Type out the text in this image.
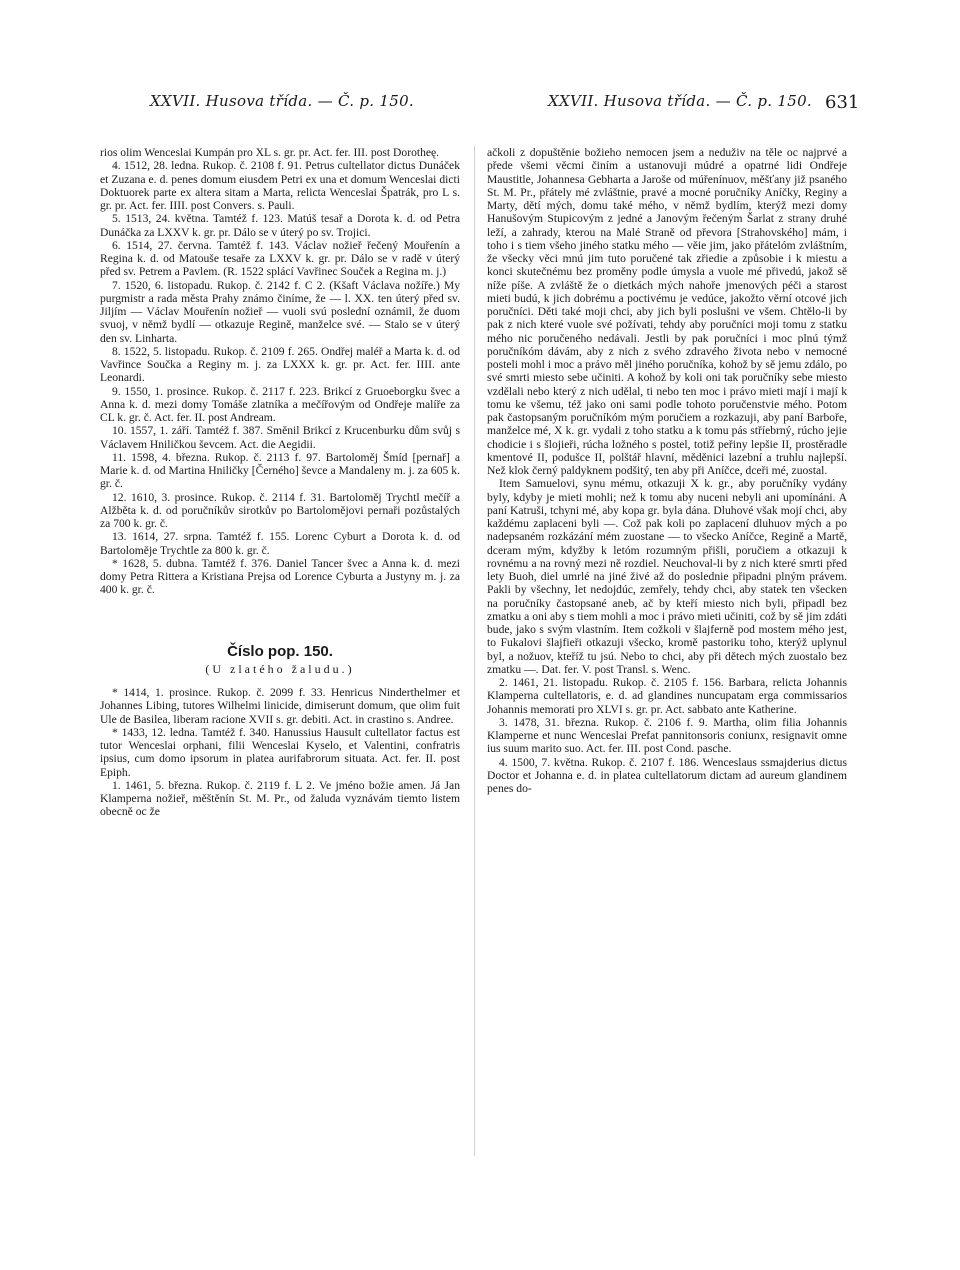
XXVII. Husova třída. — Č. p. 150.	XXVII. Husova třída. — Č. p. 150. 631

rios olim Wenceslai Kumpán pro XL s. gr. pr. Act. fer. III. post Dorotheę.

4. 1512, 28. ledna. Rukop. č. 2108 f. 91. Petrus cultellator dictus Dunáček et Zuzana e. d. penes domum eiusdem Petri ex una et domum Wenceslai dicti Doktuorek parte ex altera sitam a Marta, relicta Wenceslai Špatrák, pro L s. gr. pr. Act. fer. IIII. post Convers. s. Pauli.

5. 1513, 24. května. Tamtéž f. 123. Matúš tesař a Dorota k. d. od Petra Dunáčka za LXXV k. gr. pr. Dálo se v úterý po sv. Trojici.

6. 1514, 27. června. Tamtéž f. 143. Václav nožieř řečený Mouřenín a Regina k. d. od Matouše tesaře za LXXV k. gr. pr. Dálo se v radě v úterý před sv. Petrem a Pavlem. (R. 1522 splácí Vavřinec Souček a Regina m. j.)

7. 1520, 6. listopadu. Rukop. č. 2142 f. C 2. (Kšaft Václava nožíře.) My purgmistr a rada města Prahy známo činíme, že — l. XX. ten úterý před sv. Jiljím — Václav Mouřenín nožieř — vuoli svú poslední oznámil, že duom svuoj, v němž bydlí — otkazuje Regině, manželce své. — Stalo se v úterý den sv. Linharta.

8. 1522, 5. listopadu. Rukop. č. 2109 f. 265. Ondřej maléř a Marta k. d. od Vavřince Součka a Reginy m. j. za LXXX k. gr. pr. Act. fer. IIII. ante Leonardi.

9. 1550, 1. prosince. Rukop. č. 2117 f. 223. Brikcí z Gruoeborgku švec a Anna k. d. mezi domy Tomáše zlatníka a mečířovým od Ondřeje malíře za CL k. gr. č. Act. fer. II. post Andream.

10. 1557, 1. září. Tamtéž f. 387. Směnil Brikcí z Krucenburku dům svůj s Václavem Hniličkou ševcem. Act. die Aegidii.

11. 1598, 4. března. Rukop. č. 2113 f. 97. Bartoloměj Šmíd [pernař] a Marie k. d. od Martina Hniličky [Černého] ševce a Mandaleny m. j. za 605 k. gr. č.

12. 1610, 3. prosince. Rukop. č. 2114 f. 31. Bartoloměj Trychtl mečíř a Alžběta k. d. od poručníkův sirotkův po Bartolomějovi pernaři pozůstalých za 700 k. gr. č.

13. 1614, 27. srpna. Tamtéž f. 155. Lorenc Cyburt a Dorota k. d. od Bartoloměje Trychtle za 800 k. gr. č.

* 1628, 5. dubna. Tamtéž f. 376. Daniel Tancer švec a Anna k. d. mezi domy Petra Rittera a Kristiana Prejsa od Lorence Cyburta a Justyny m. j. za 400 k. gr. č.

Číslo pop. 150.
(U zlatého žaludu.)

* 1414, 1. prosince. Rukop. č. 2099 f. 33. Henricus Ninderthelmer et Johannes Libing, tutores Wilhelmi linicide, dimiserunt domum, que olim fuit Ule de Basilea, liberam racione XVII s. gr. debiti. Act. in crastino s. Andree.

* 1433, 12. ledna. Tamtéž f. 340. Hanussius Hausult cultellator factus est tutor Wenceslai orphani, filii Wenceslai Kyselo, et Valentini, confratris ipsius, cum domo ipsorum in platea aurifabrorum situata. Act. fer. II. post Epiph.

1. 1461, 5. března. Rukop. č. 2119 f. L 2. Ve jméno božie amen. Já Jan Klamperna nožieř, měštěnín St. M. Pr., od žaluda vyznávám tiemto listem obecně oc že

ačkoli z dopuštěnie božieho nemocen jsem a neduživ na těle oc najprvé a přede všemi věcmi činím a ustanovuji múdré a opatrné lidi Ondřeje Maustitle, Johannesa Gebharta a Jaroše od múřenínuov, měšťany již psaného St. M. Pr., přátely mé zvláštnie, pravé a mocné poručníky Aníčky, Reginy a Marty, dětí mých, domu také mého, v němž bydlím, kterýž mezi domy Hanušovým Stupicovým z jedné a Janovým řečeným Šarlat z strany druhé leží, a zahrady, kterou na Malé Straně od převora [Strahovského] mám, i toho i s tiem všeho jiného statku mého — věie jim, jako přátelóm zvláštním, že všecky věci mnú jim tuto poručené tak zřiedie a způsobie i k miestu a konci skutečnému bez proměny podle úmysla a vuole mé přivedú, jakož sě níže píše. A zvláště že o dietkách mých nahoře jmenových péči a starost mieti budú, k jich dobrému a poctivému je vedúce, jakožto věrní otcové jich poručníci. Děti také moji chci, aby jich byli poslušni ve všem. Chtělo-li by pak z nich které vuole své požívati, tehdy aby poručníci moji tomu z statku mého nic poručeného nedávali. Jestli by pak poručníci i moc plnú týmž poručníkóm dávám, aby z nich z svého zdravého života nebo v nemocné posteli mohl i moc a právo měl jiného poručníka, kohož by sě jemu zdálo, po své smrti miesto sebe učiniti. A kohož by koli oni tak poručníky sebe miesto vzdělali nebo který z nich udělal, ti nebo ten moc i právo mieti mají i mají k tomu ke všemu, též jako oni sami podle tohoto poručenstvie mého. Potom pak častopsaným poručníkóm mým poručiem a rozkazuji, aby paní Barboře, manželce mé, X k. gr. vydali z toho statku a k tomu pás stříebrný, rúcho jejie chodicie i s šlojieři, rúcha ložného s postel, totiž peřiny lepšie II, prostěradle kmentové II, podušce II, polštář hlavní, měděnici lazební a truhlu najlepší. Než klok černý paldyknem podšitý, ten aby při Aníčce, dceři mé, zuostal.

Item Samuelovi, synu mému, otkazuji X k. gr., aby poručníky vydány byly, kdyby je mieti mohli; než k tomu aby nuceni nebyli ani upomínáni. A paní Katruši, tchyni mé, aby kopa gr. byla dána. Dluhové však mojí chci, aby každému zaplaceni byli —. Což pak koli po zaplacení dluhuov mých a po nadepsaném rozkázání mém zuostane — to všecko Aníčce, Regině a Martě, dceram mým, kdyžby k letóm rozumným přišli, poručiem a otkazuji k rovnému a na rovný mezi ně rozdiel. Neuchoval-li by z nich které smrti před lety Buoh, diel umrlé na jiné živé až do poslednie připadni plným právem. Pakli by všechny, let nedojdúc, zemřely, tehdy chci, aby statek ten všecken na poručníky častopsané aneb, ač by kteří miesto nich byli, připadl bez zmatku a oni aby s tiem mohli a moc i právo mieti učiniti, což by sě jim zdáti bude, jako s svým vlastním. Item cožkoli v šlajferně pod mostem mého jest, to Fukalovi šlajfieři otkazuji všecko, kromě pastoriku toho, kterýž uplynul byl, a nožuov, kteříž tu jsú. Nebo to chci, aby při dětech mých zuostalo bez zmatku —. Dat. fer. V. post Transl. s. Wenc.

2. 1461, 21. listopadu. Rukop. č. 2105 f. 156. Barbara, relicta Johannis Klamperna cultellatoris, e. d. ad glandines nuncupatam erga commissarios Johannis memorati pro XLVI s. gr. pr. Act. sabbato ante Katherine.

3. 1478, 31. března. Rukop. č. 2106 f. 9. Martha, olim filia Johannis Klamperne et nunc Wenceslai Prefat pannitonsoris coniunx, resignavit omne ius suum marito suo. Act. fer. III. post Cond. pasche.

4. 1500, 7. května. Rukop. č. 2107 f. 186. Wenceslaus ssmajderius dictus Doctor et Johanna e. d. in platea cultellatorum dictam ad aureum glandinem penes do-
